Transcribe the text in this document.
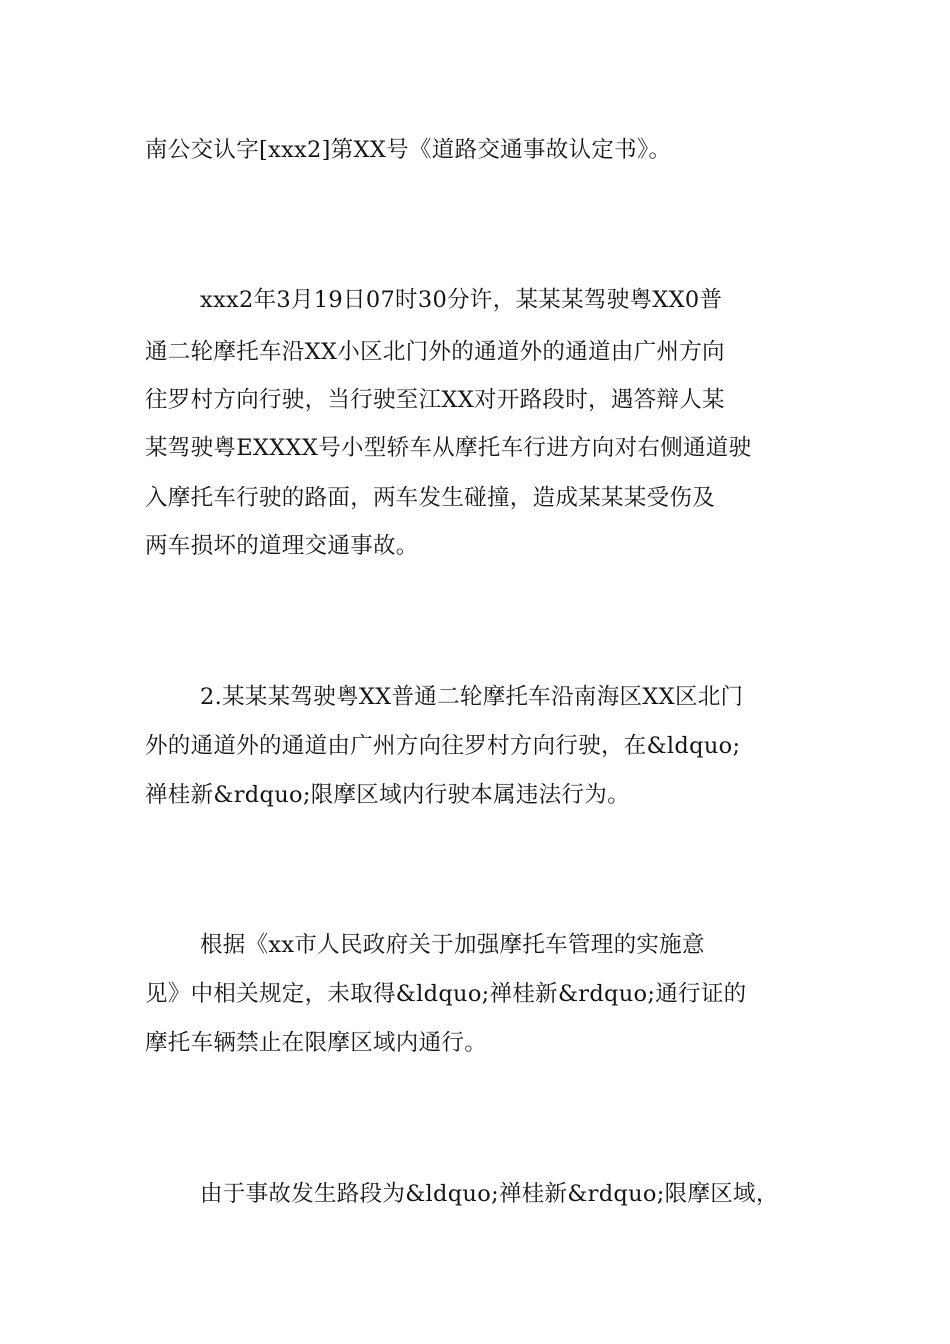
南公交认字[xxx2]第XX号《道路交通事故认定书》。
xxx2年3月19日07时30分许，某某某驾驶粤XX0普
通二轮摩托车沿XX小区北门外的通道外的通道由广州方向
往罗村方向行驶，当行驶至江XX对开路段时，遇答辩人某
某驾驶粤EXXXX号小型轿车从摩托车行进方向对右侧通道驶
入摩托车行驶的路面，两车发生碰撞，造成某某某受伤及
两车损坏的道理交通事故。
2.某某某驾驶粤XX普通二轮摩托车沿南海区XX区北门
外的通道外的通道由广州方向往罗村方向行驶，在&ldquo;
禅桂新&rdquo;限摩区域内行驶本属违法行为。
根据《xx市人民政府关于加强摩托车管理的实施意
见》中相关规定，未取得&ldquo;禅桂新&rdquo;通行证的
摩托车辆禁止在限摩区域内通行。
由于事故发生路段为&ldquo;禅桂新&rdquo;限摩区域，
